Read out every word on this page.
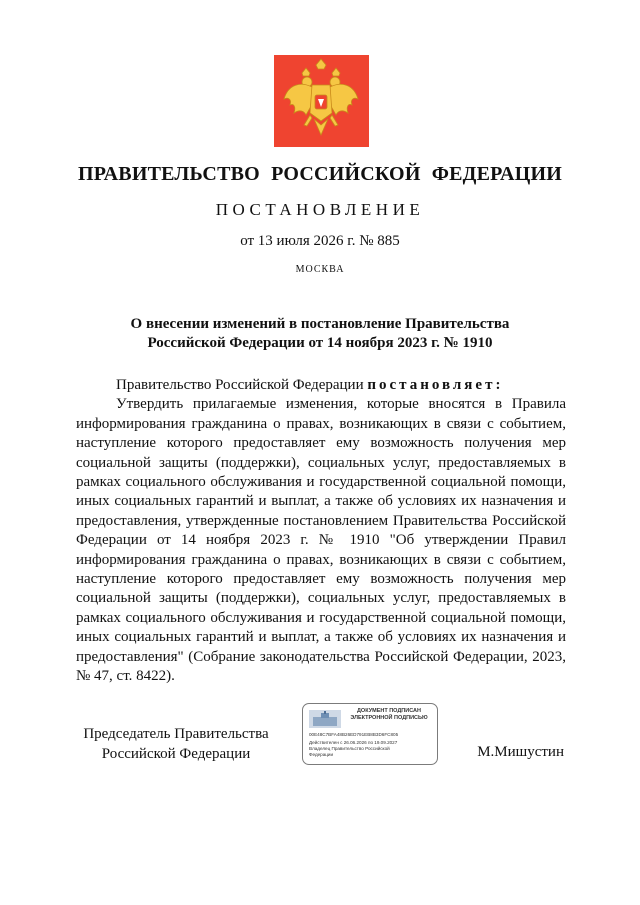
ПРАВИТЕЛЬСТВО РОССИЙСКОЙ ФЕДЕРАЦИИ
ПОСТАНОВЛЕНИЕ
от 13 июля 2026 г. № 885
МОСКВА
О внесении изменений в постановление Правительства
Российской Федерации от 14 ноября 2023 г. № 1910

Правительство Российской Федерации постановляет:

Утвердить прилагаемые изменения, которые вносятся в Правила информирования гражданина о правах, возникающих в связи с событием, наступление которого предоставляет ему возможность получения мер социальной защиты (поддержки), социальных услуг, предоставляемых в рамках социального обслуживания и государственной социальной помощи, иных социальных гарантий и выплат, а также об условиях их назначения и предоставления, утвержденные постановлением Правительства Российской Федерации от 14 ноября 2023 г. № 1910 "Об утверждении Правил информирования гражданина о правах, возникающих в связи с событием, наступление которого предоставляет ему возможность получения мер социальной защиты (поддержки), социальных услуг, предоставляемых в рамках социального обслуживания и государственной социальной помощи, иных социальных гарантий и выплат, а также об условиях их назначения и предоставления" (Собрание законодательства Российской Федерации, 2023, № 47, ст. 8422).

Председатель Правительства
Российской Федерации
ДОКУМЕНТ ПОДПИСАН
ЭЛЕКТРОННОЙ ПОДПИСЬЮ
00E48C7BFA48B26ED791EB8B3D6FC805
Действителен с 26.06.2026 по 19.09.2027
Владелец Правительство Российской
Федерации	М.Мишустин
